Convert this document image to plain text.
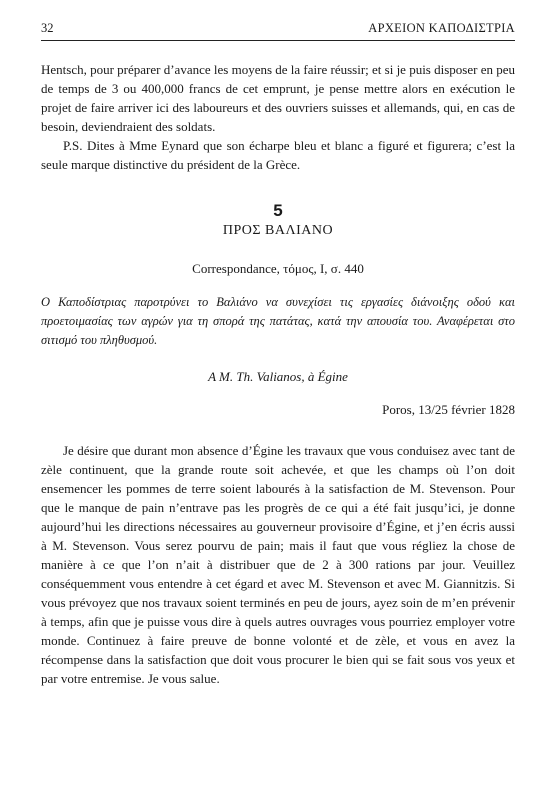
32	ΑΡΧΕΙΟΝ ΚΑΠΟΔΙΣΤΡΙΑ

Hentsch, pour préparer d’avance les moyens de la faire réussir; et si je puis disposer en peu de temps de 3 ou 400,000 francs de cet emprunt, je pense mettre alors en exécution le projet de faire arriver ici des laboureurs et des ouvriers suisses et allemands, qui, en cas de besoin, deviendraient des soldats.

P.S. Dites à Mme Eynard que son écharpe bleu et blanc a figuré et figurera; c’est la seule marque distinctive du président de la Grèce.

5
ΠΡΟΣ ΒΑΛΙΑΝΟ
Correspondance, τόμος, I, σ. 440

Ο Καποδίστριας παροτρύνει το Βαλιάνο να συνεχίσει τις εργασίες διάνοιξης οδού και προετοιμασίας των αγρών για τη σπορά της πατάτας, κατά την απουσία του. Αναφέρεται στο σιτισμό του πληθυσμού.

A M. Th. Valianos, à Égine
Poros, 13/25 février 1828

Je désire que durant mon absence d’Égine les travaux que vous conduisez avec tant de zèle continuent, que la grande route soit achevée, et que les champs où l’on doit ensemencer les pommes de terre soient labourés à la satisfaction de M. Stevenson. Pour que le manque de pain n’entrave pas les progrès de ce qui a été fait jusqu’ici, je donne aujourd’hui les directions nécessaires au gouverneur provisoire d’Égine, et j’en écris aussi à M. Stevenson. Vous serez pourvu de pain; mais il faut que vous régliez la chose de manière à ce que l’on n’ait à distribuer que de 2 à 300 rations par jour. Veuillez conséquemment vous entendre à cet égard et avec M. Stevenson et avec M. Giannitzis. Si vous prévoyez que nos travaux soient terminés en peu de jours, ayez soin de m’en prévenir à temps, afin que je puisse vous dire à quels autres ouvrages vous pourriez employer votre monde. Continuez à faire preuve de bonne volonté et de zèle, et vous en avez la récompense dans la satisfaction que doit vous procurer le bien qui se fait sous vos yeux et par votre entremise. Je vous salue.
